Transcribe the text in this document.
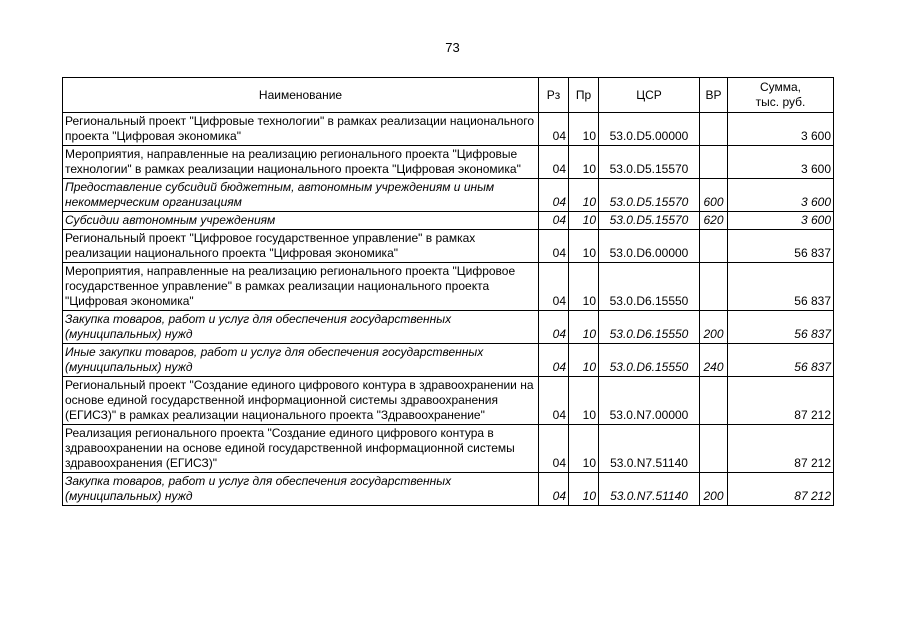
73
Наименование	Рз	Пр	ЦСР	ВР	Сумма,
тыс. руб.
Региональный проект "Цифровые технологии" в рамках реализации национального проекта "Цифровая экономика"	04	10	53.0.D5.00000		3 600
Мероприятия, направленные на реализацию регионального проекта "Цифровые технологии" в рамках реализации национального проекта "Цифровая экономика"	04	10	53.0.D5.15570		3 600
Предоставление субсидий бюджетным, автономным учреждениям и иным некоммерческим организациям	04	10	53.0.D5.15570	600	3 600
Субсидии автономным учреждениям	04	10	53.0.D5.15570	620	3 600
Региональный проект "Цифровое государственное управление" в рамках реализации национального проекта "Цифровая экономика"	04	10	53.0.D6.00000		56 837
Мероприятия, направленные на реализацию регионального проекта "Цифровое государственное управление" в рамках реализации национального проекта "Цифровая экономика"	04	10	53.0.D6.15550		56 837
Закупка товаров, работ и услуг для обеспечения государственных (муниципальных) нужд	04	10	53.0.D6.15550	200	56 837
Иные закупки товаров, работ и услуг для обеспечения государственных (муниципальных) нужд	04	10	53.0.D6.15550	240	56 837
Региональный проект "Создание единого цифрового контура в здравоохранении на основе единой государственной информационной системы здравоохранения (ЕГИСЗ)" в рамках реализации национального проекта "Здравоохранение"	04	10	53.0.N7.00000		87 212
Реализация регионального проекта "Создание единого цифрового контура в здравоохранении на основе единой государственной информационной системы здравоохранения (ЕГИСЗ)"	04	10	53.0.N7.51140		87 212
Закупка товаров, работ и услуг для обеспечения государственных (муниципальных) нужд	04	10	53.0.N7.51140	200	87 212
